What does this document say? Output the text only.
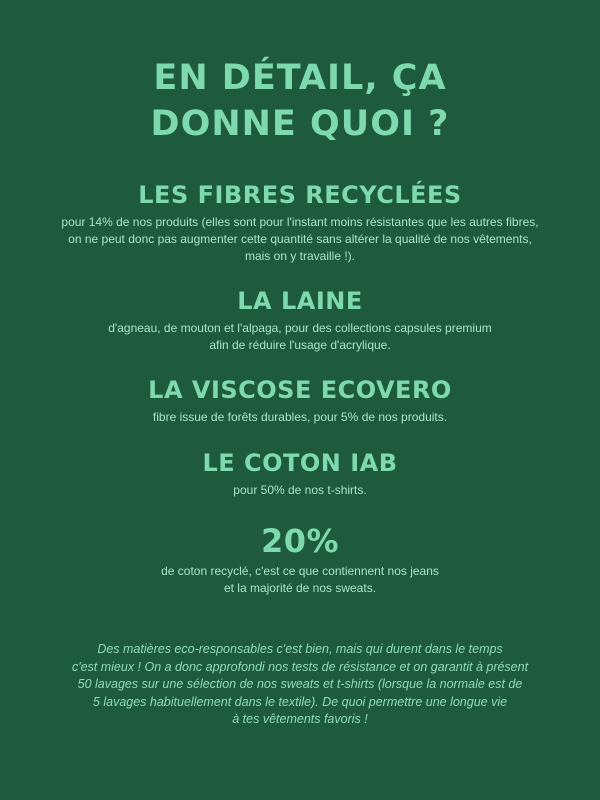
EN DÉTAIL, ÇA
DONNE QUOI ?
LES FIBRES RECYCLÉES

pour 14% de nos produits (elles sont pour l'instant moins résistantes que les autres fibres,
on ne peut donc pas augmenter cette quantité sans altérer la qualité de nos vêtements,
mais on y travaille !).

LA LAINE

d'agneau, de mouton et l'alpaga, pour des collections capsules premium
afin de réduire l'usage d'acrylique.

LA VISCOSE ECOVERO

fibre issue de forêts durables, pour 5% de nos produits.

LE COTON IAB

pour 50% de nos t-shirts.

20%

de coton recyclé, c'est ce que contiennent nos jeans
et la majorité de nos sweats.

Des matières eco-responsables c'est bien, mais qui durent dans le temps
c'est mieux ! On a donc approfondi nos tests de résistance et on garantit à présent
50 lavages sur une sélection de nos sweats et t-shirts (lorsque la normale est de
5 lavages habituellement dans le textile). De quoi permettre une longue vie
à tes vêtements favoris !
